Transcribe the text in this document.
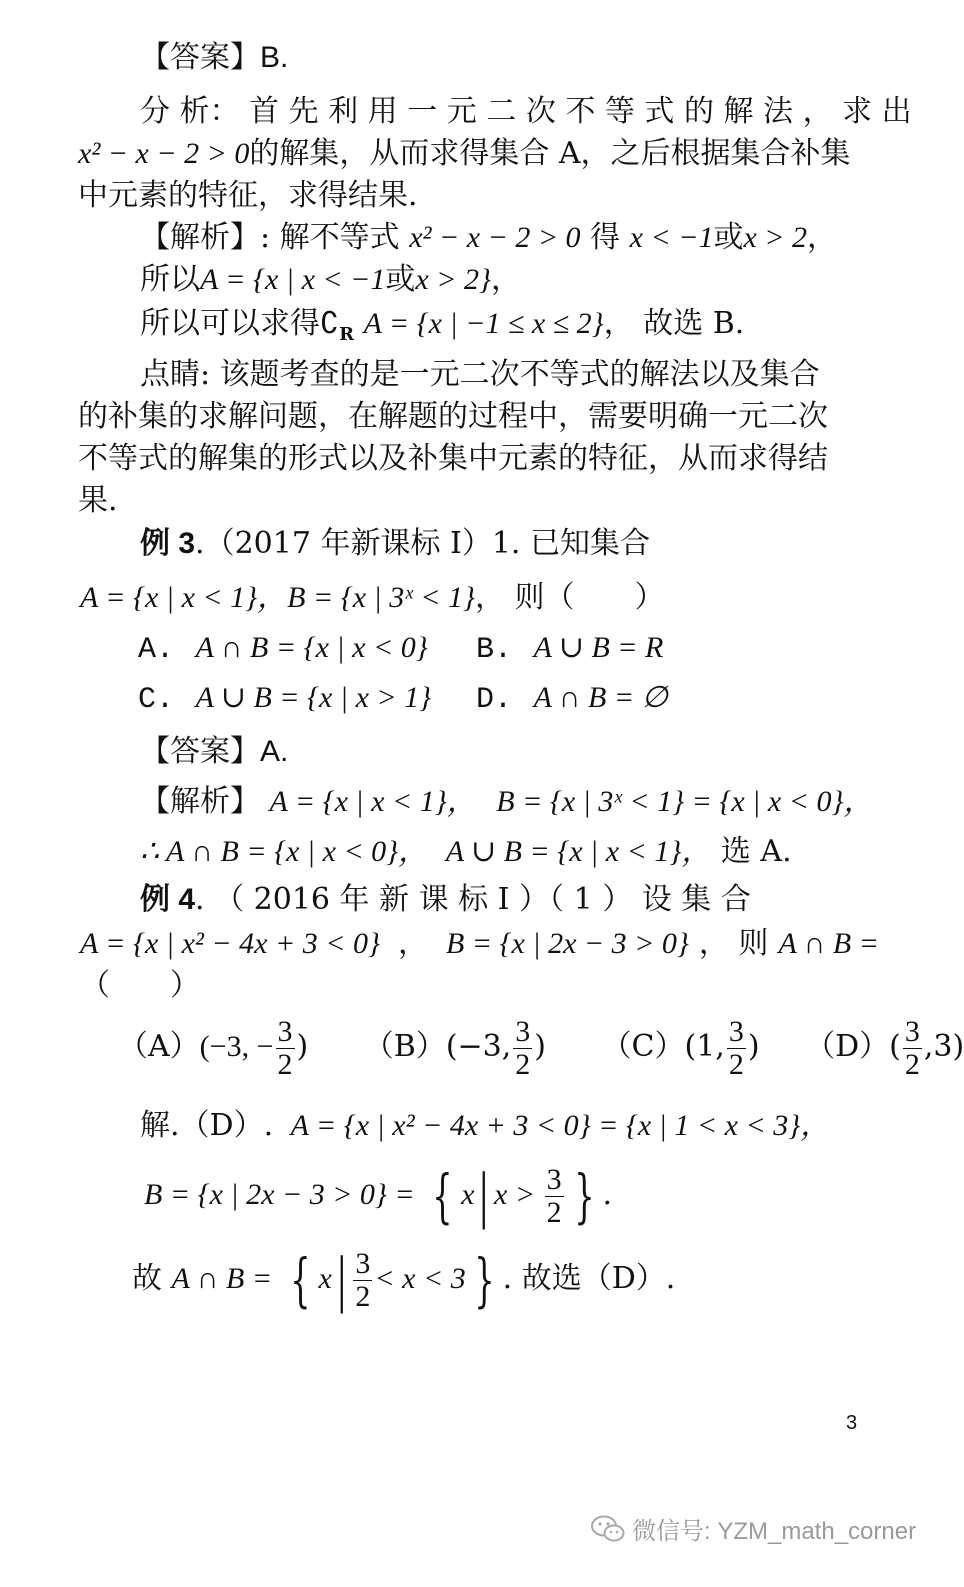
【答案】B.
分 析： 首 先 利 用 一 元 二 次 不 等 式 的 解 法 ， 求 出
x² − x − 2 > 0的解集，从而求得集合 A，之后根据集合补集
中元素的特征，求得结果.
【解析】: 解不等式 x² − x − 2 > 0 得 x < −1或x > 2，
所以A = {x | x < −1或x > 2}，
所以可以求得$∁_R$ A = {x | −1 ≤ x ≤ 2}， 故选 B.
点睛: 该题考查的是一元二次不等式的解法以及集合
的补集的求解问题，在解题的过程中，需要明确一元二次
不等式的解集的形式以及补集中元素的特征，从而求得结
果.
例 3.（2017 年新课标 I）1. 已知集合
A = {x | x < 1}，B = {x | 3ˣ < 1}， 则（　　）
A. A ∩ B = {x | x < 0} B. A ∪ B = R
C. A ∪ B = {x | x > 1} D. A ∩ B = ∅
【答案】A.
【解析】 A = {x | x < 1}， B = {x | 3ˣ < 1} = {x | x < 0}，
∴ A ∩ B = {x | x < 0}， A ∪ B = {x | x < 1}， 选 A.
例 4. （ 2016 年 新 课 标 I ）（ 1 ） 设 集 合
A = {x | x² − 4x + 3 < 0} ， B = {x | 2x − 3 > 0} ， 则 A ∩ B =
（　　）
（A）(−3, − $\frac{3}{2}$ ) （B）(−3, $\frac{3}{2}$ ) （C）(1, $\frac{3}{2}$ ) $(D)( \frac{3}{2} ,3)$
解.（D）. A = {x | x² − 4x + 3 < 0} = {x | 1 < x < 3}，
B = {x | 2x − 3 > 0} = { x| $x > \frac{3}{2}$ } .
故 A ∩ B = { $x| \frac{3}{2} < x < 3$ } . 故选（D）.
3
微信号: YZM_math_corner
